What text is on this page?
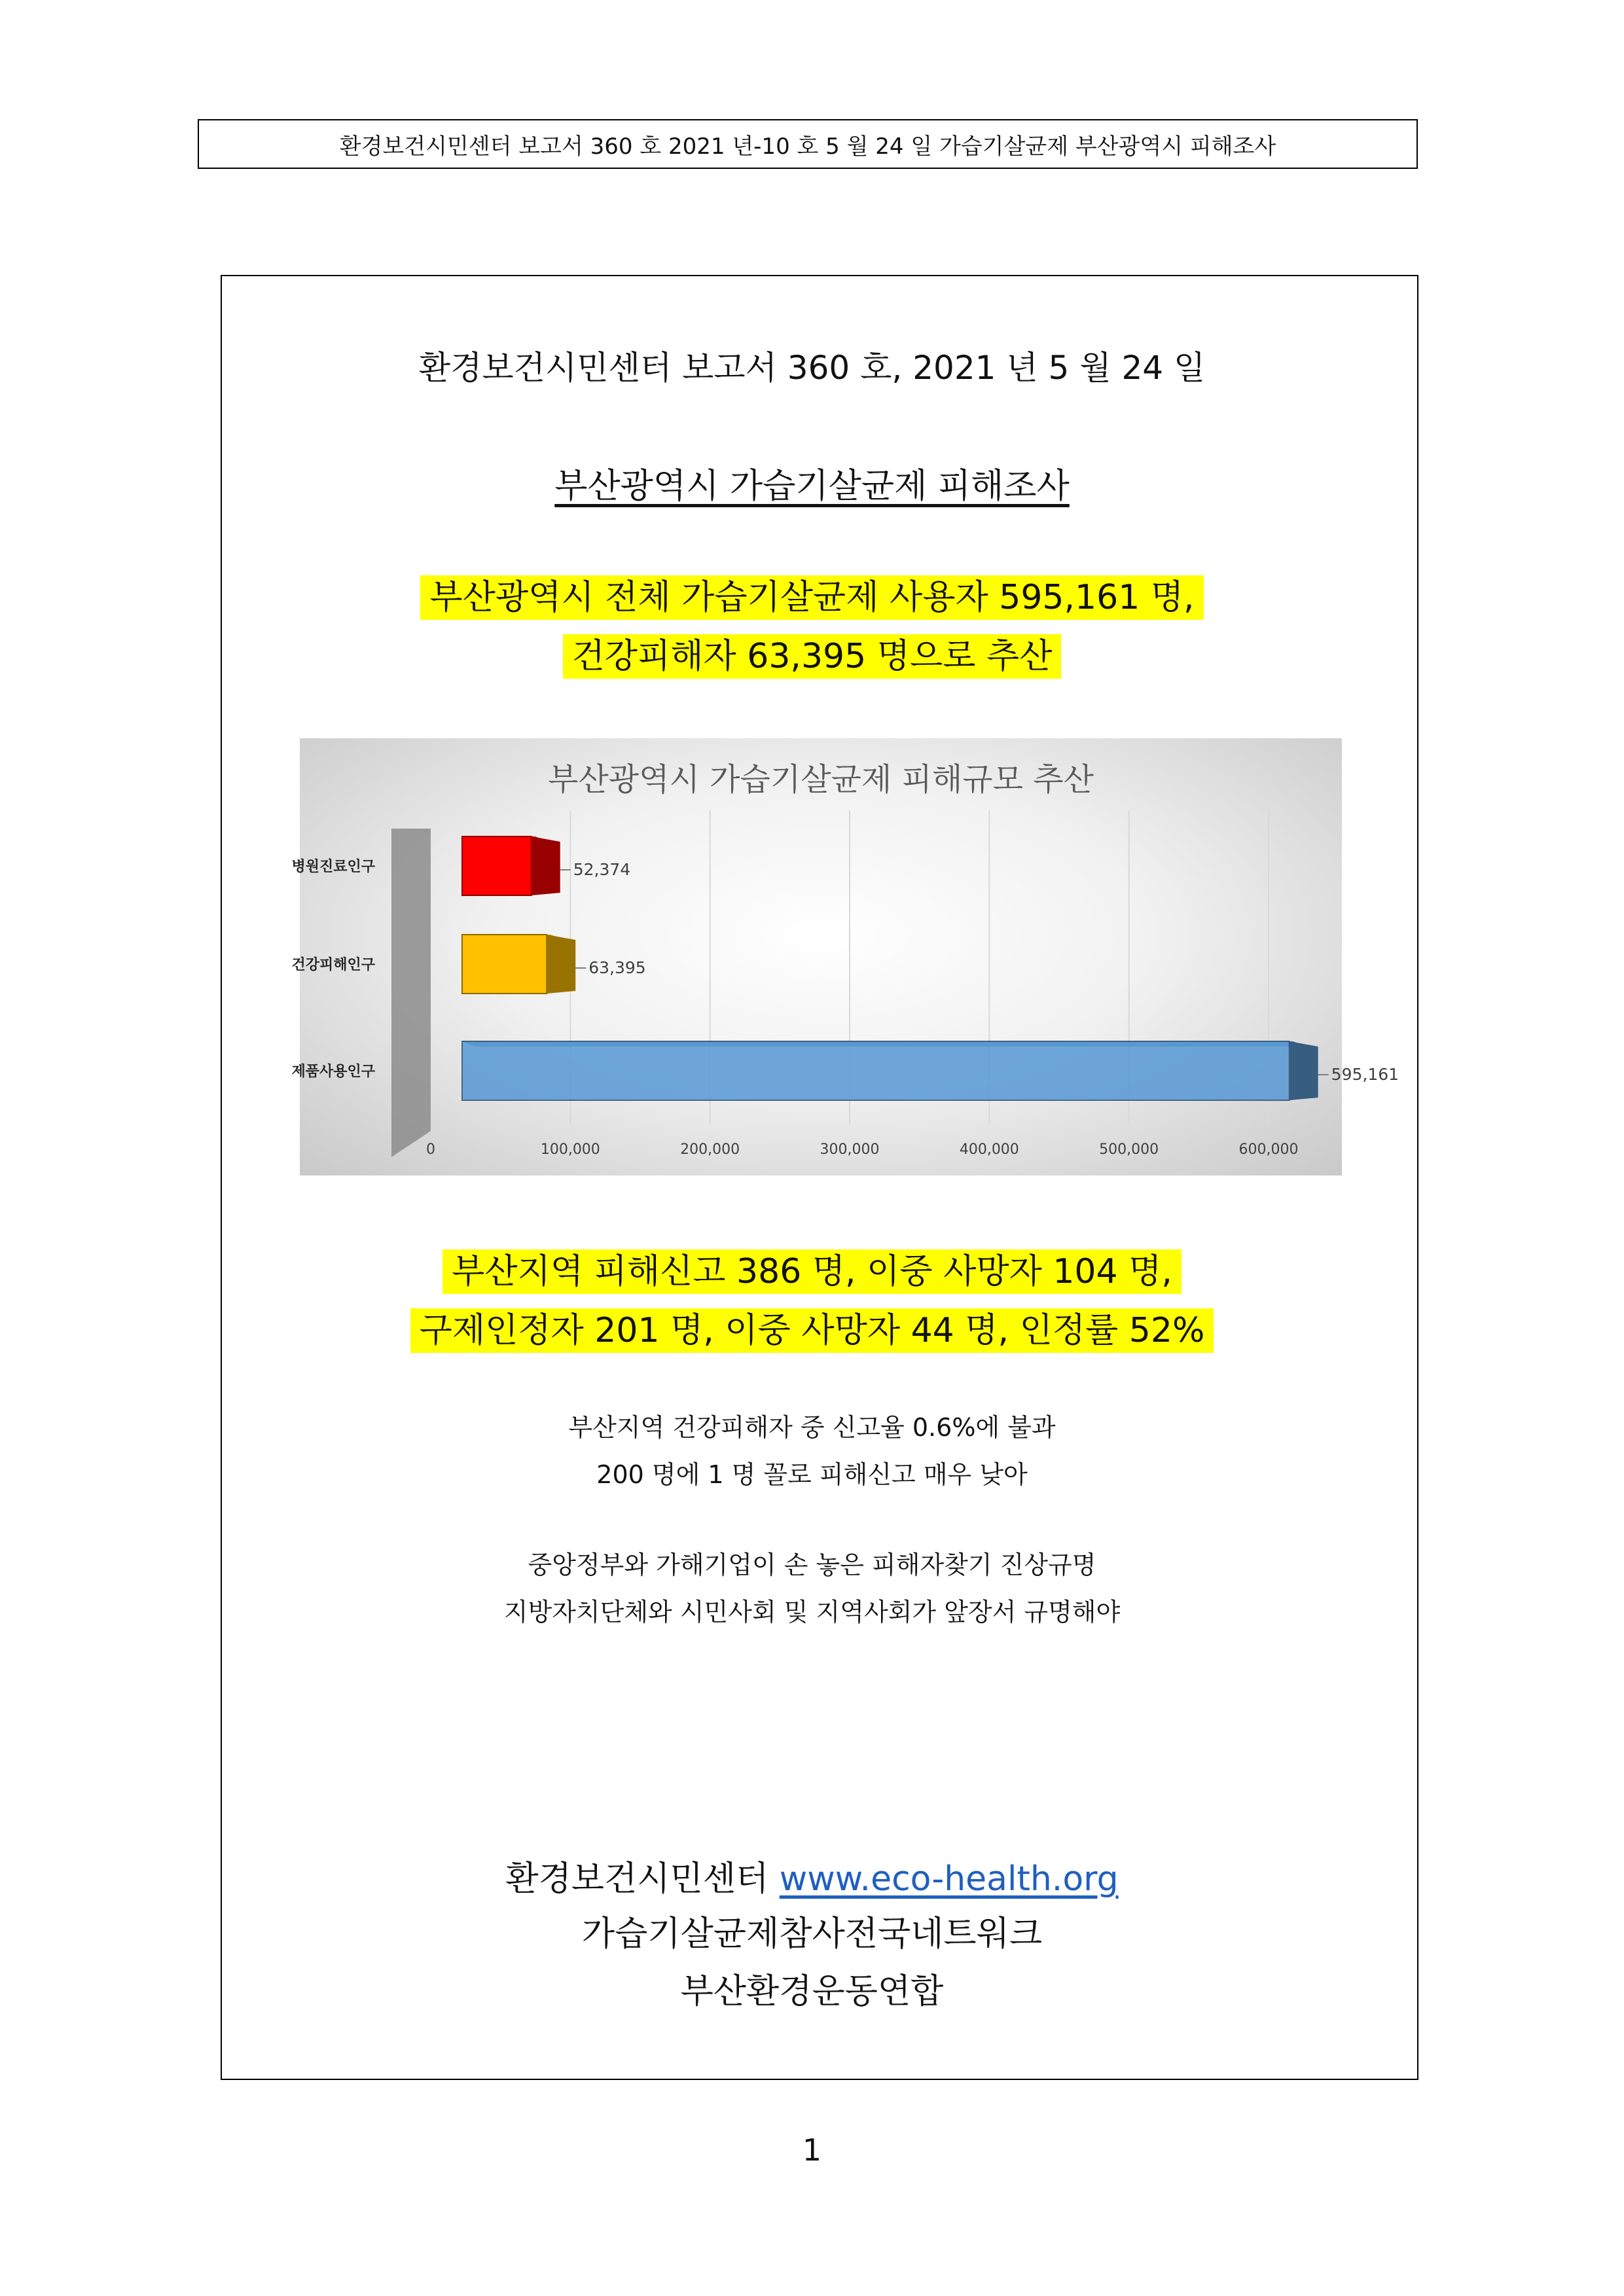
환경보건시민센터 보고서 360 호 2021 년-10 호 5 월 24 일 가습기살균제 부산광역시 피해조사
환경보건시민센터 보고서 360 호, 2021 년 5 월 24 일
부산광역시 가습기살균제 피해조사
부산광역시 전체 가습기살균제 사용자 595,161 명,
건강피해자 63,395 명으로 추산
부산광역시 가습기살균제 피해규모 추산
0	100,000	200,000	300,000	400,000	500,000	600,000
병원진료인구	52,374
건강피해인구	63,395
제품사용인구	595,161
부산지역 피해신고 386 명, 이중 사망자 104 명,
구제인정자 201 명, 이중 사망자 44 명, 인정률 52%
부산지역 건강피해자 중 신고율 0.6%에 불과
200 명에 1 명 꼴로 피해신고 매우 낮아
중앙정부와 가해기업이 손 놓은 피해자찾기 진상규명
지방자치단체와 시민사회 및 지역사회가 앞장서 규명해야
환경보건시민센터 www.eco-health.org
가습기살균제참사전국네트워크
부산환경운동연합
1
